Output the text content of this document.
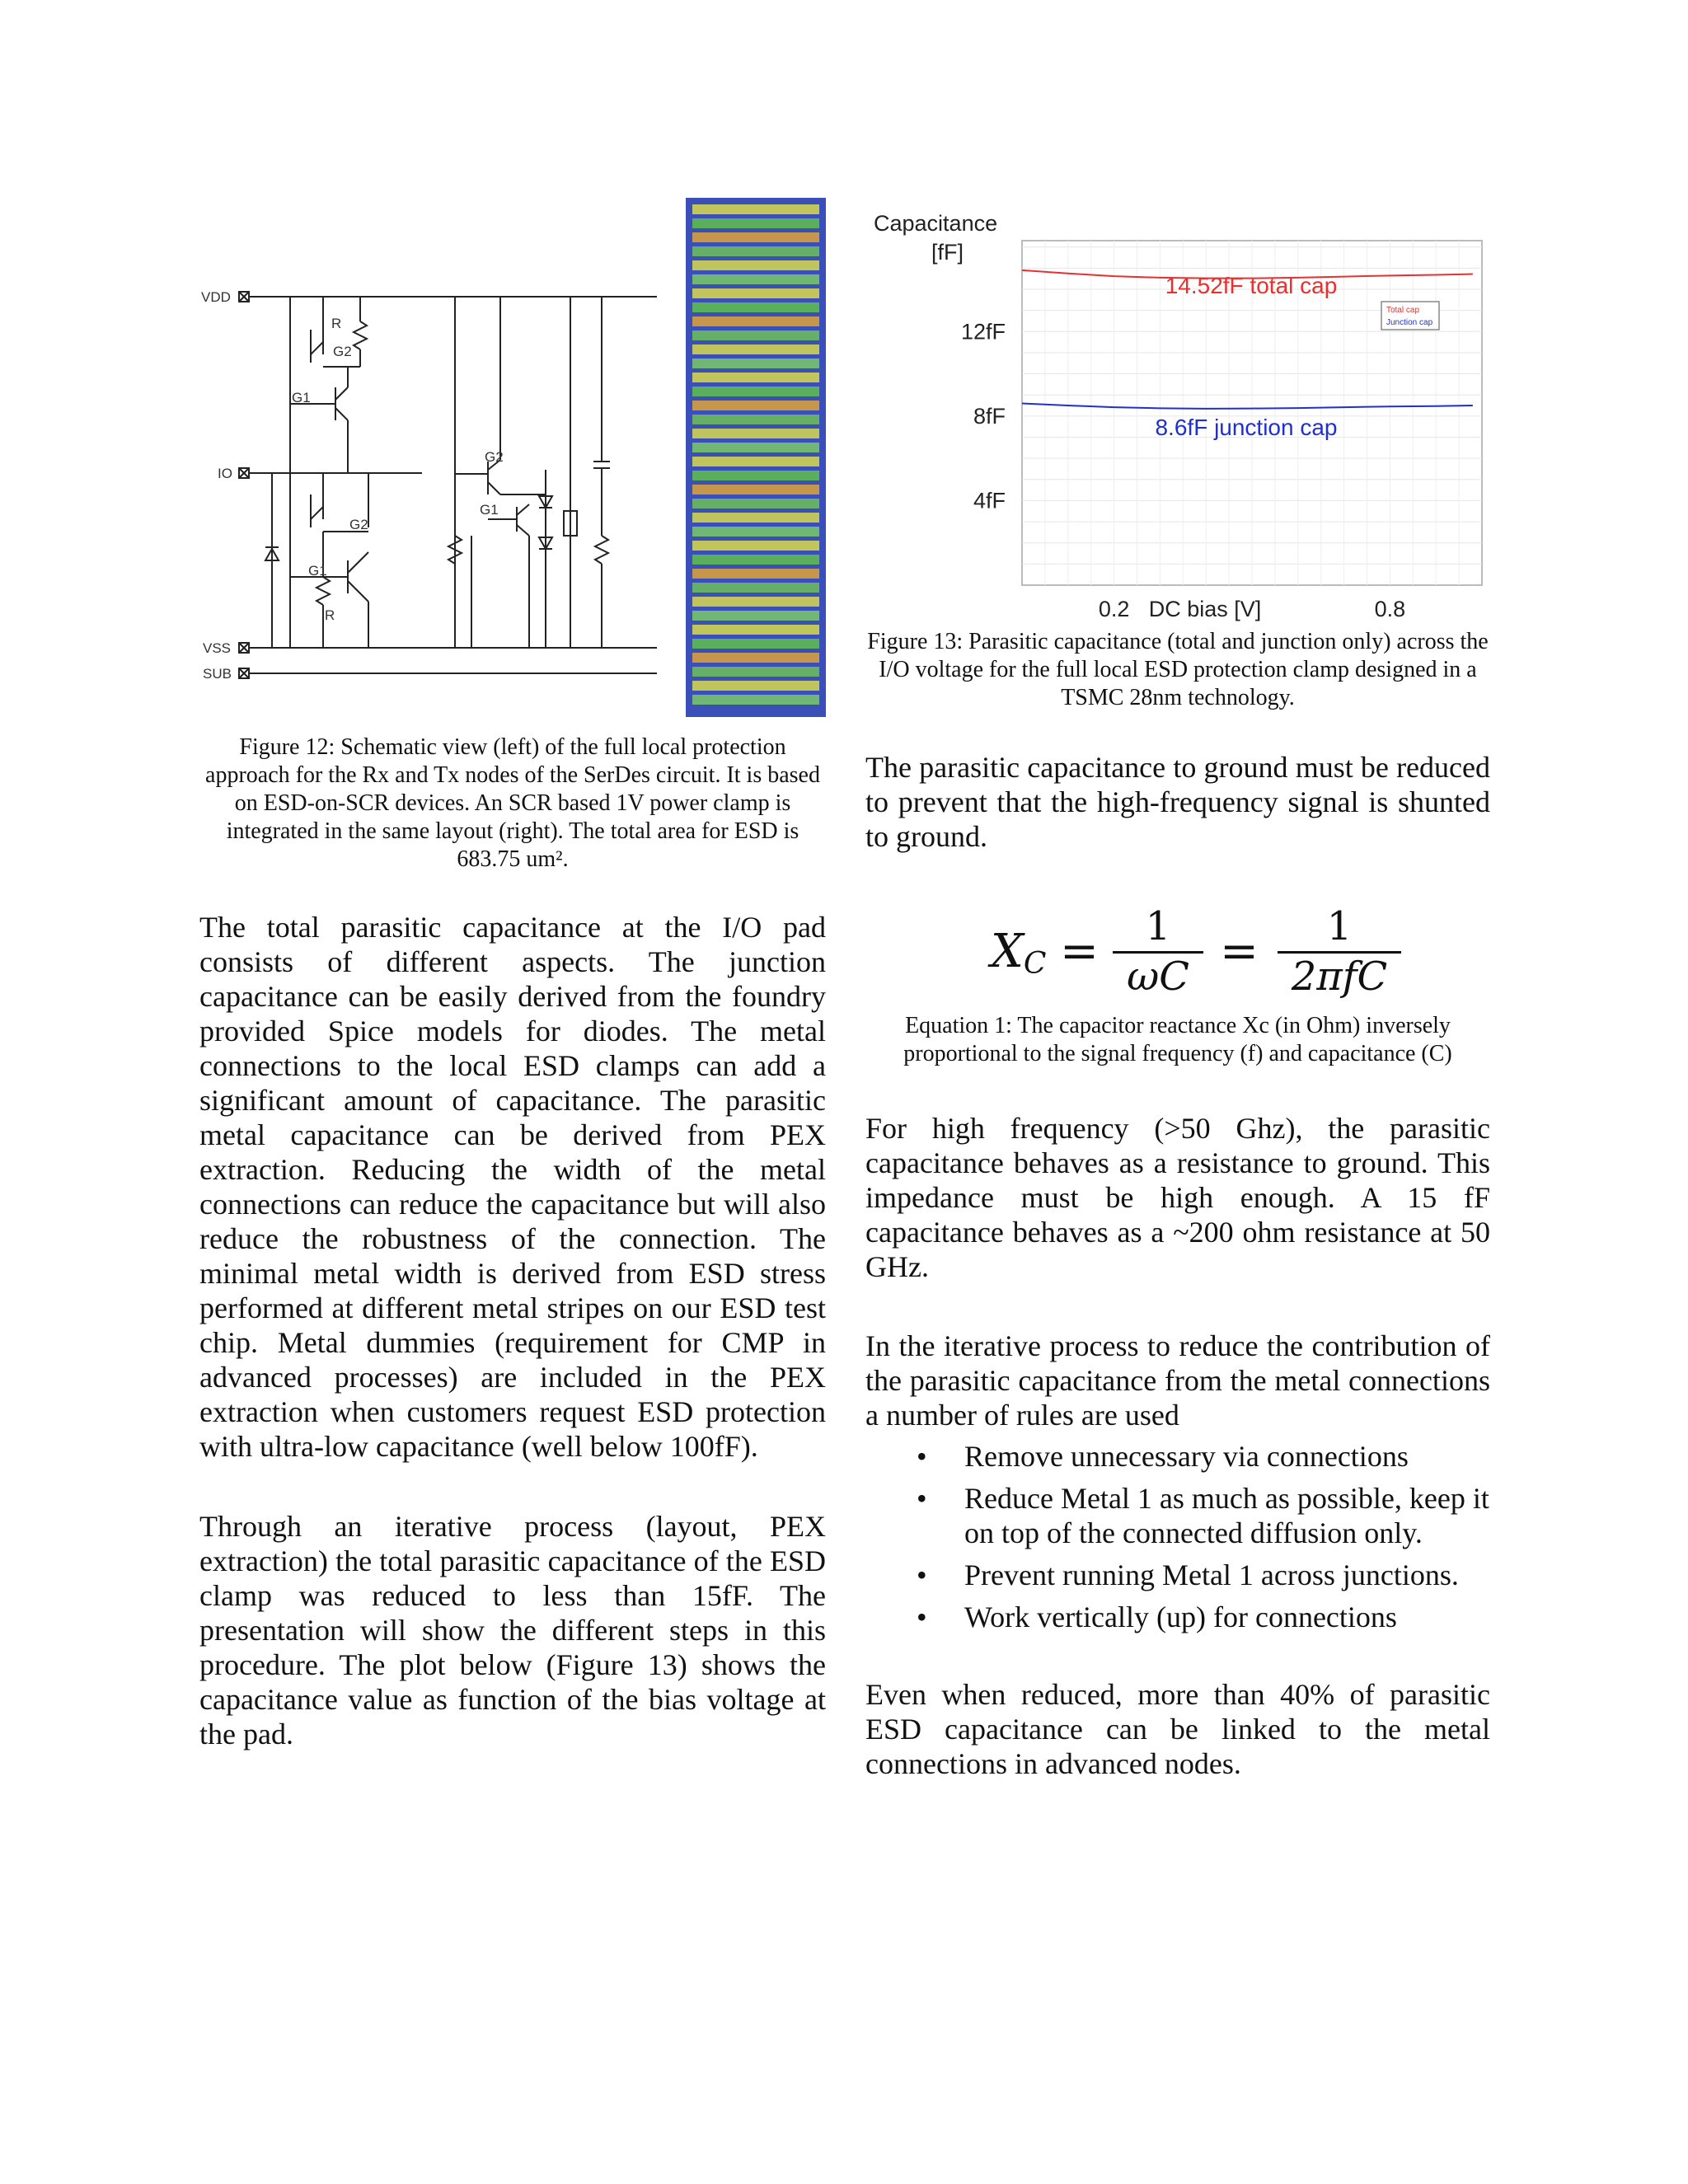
VDD
IO
VSS
SUB
R
G2
G1
G2
G1
R
G2
G1

Figure 12: Schematic view (left) of the full local protection approach for the Rx and Tx nodes of the SerDes circuit. It is based on ESD-on-SCR devices. An SCR based 1V power clamp is integrated in the same layout (right). The total area for ESD is 683.75 um².

The total parasitic capacitance at the I/O pad consists of different aspects. The junction capacitance can be easily derived from the foundry provided Spice models for diodes. The metal connections to the local ESD clamps can add a significant amount of capacitance. The parasitic metal capacitance can be derived from PEX extraction. Reducing the width of the metal connections can reduce the capacitance but will also reduce the robustness of the connection. The minimal metal width is derived from ESD stress performed at different metal stripes on our ESD test chip. Metal dummies (requirement for CMP in advanced processes) are included in the PEX extraction when customers request ESD protection with ultra-low capacitance (well below 100fF).

Through an iterative process (layout, PEX extraction) the total parasitic capacitance of the ESD clamp was reduced to less than 15fF. The presentation will show the different steps in this procedure. The plot below (Figure 13) shows the capacitance value as function of the bias voltage at the pad.

Capacitance
[fF]
DC bias [V]
4fF
8fF
12fF
0.2	0.8
14.52fF total cap
8.6fF junction cap
Total cap
Junction cap

Figure 13: Parasitic capacitance (total and junction only) across the I/O voltage for the full local ESD protection clamp designed in a TSMC 28nm technology.

The parasitic capacitance to ground must be reduced to prevent that the high-frequency signal is shunted to ground.

XC =	1
ωC =	1
2πfC

Equation 1: The capacitor reactance Xc (in Ohm) inversely proportional to the signal frequency (f) and capacitance (C)

For high frequency (>50 Ghz), the parasitic capacitance behaves as a resistance to ground. This impedance must be high enough. A 15 fF capacitance behaves as a ~200 ohm resistance at 50 GHz.

In the iterative process to reduce the contribution of the parasitic capacitance from the metal connections a number of rules are used

• Remove unnecessary via connections
• Reduce Metal 1 as much as possible, keep it on top of the connected diffusion only.
• Prevent running Metal 1 across junctions.
• Work vertically (up) for connections

Even when reduced, more than 40% of parasitic ESD capacitance can be linked to the metal connections in advanced nodes.
